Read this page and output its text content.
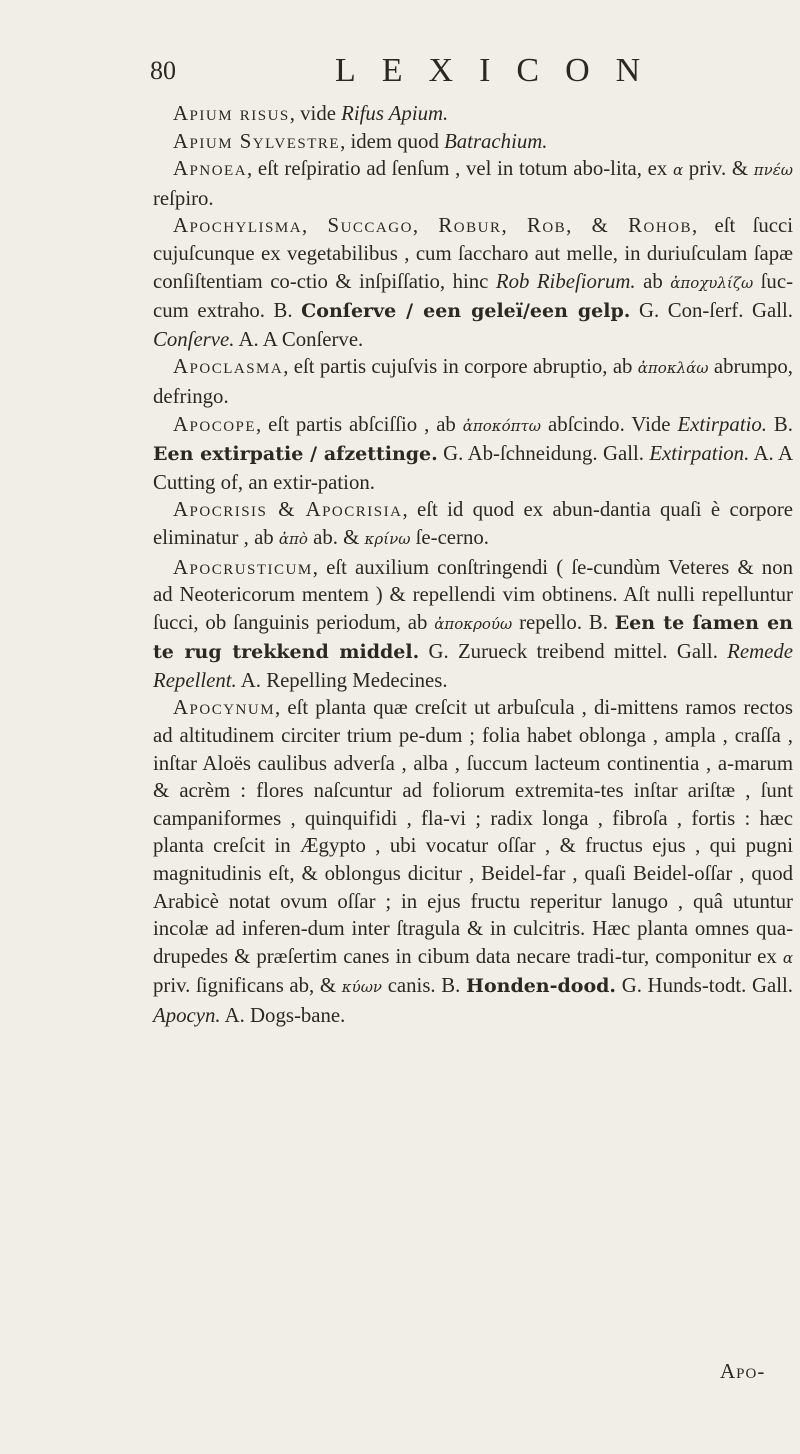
80	LEXICON

Apium risus, vide Rifus Apium.

Apium Sylvestre, idem quod Batrachium.

Apnoea, eſt reſpiratio ad ſenſum , vel in totum abo-lita, ex α priv. & πνέω reſpiro.

Apochylisma, Succago, Robur, Rob, & Rohob, eſt ſucci cujuſcunque ex vegetabilibus , cum ſaccharo aut melle, in duriuſculam ſapæ conſiſtentiam co-ctio & inſpiſſatio, hinc Rob Ribeſiorum. ab ἀποχυλίζω ſuc-cum extraho. B. Conſerve / een geleï/een gelp. G. Con-ſerf. Gall. Conſerve. A. A Conſerve.

Apoclasma, eſt partis cujuſvis in corpore abruptio, ab ἀποκλάω abrumpo, defringo.

Apocope, eſt partis abſciſſio , ab ἀποκόπτω abſcindo. Vide Extirpatio. B. Een extirpatie / afzettinge. G. Ab-ſchneidung. Gall. Extirpation. A. A Cutting of, an extir-pation.

Apocrisis & Apocrisia, eſt id quod ex abun-dantia quaſi è corpore eliminatur , ab ἀπὸ ab. & κρίνω ſe-cerno.

Apocrusticum, eſt auxilium conſtringendi ( ſe-cundùm Veteres & non ad Neotericorum mentem ) & repellendi vim obtinens. Aſt nulli repelluntur ſucci, ob ſanguinis periodum, ab ἀποκρούω repello. B. Een te ſamen en te rug trekkend middel. G. Zurueck treibend mittel. Gall. Remede Repellent. A. Repelling Medecines.

Apocynum, eſt planta quæ creſcit ut arbuſcula , di-mittens ramos rectos ad altitudinem circiter trium pe-dum ; folia habet oblonga , ampla , craſſa , inſtar Aloës caulibus adverſa , alba , ſuccum lacteum continentia , a-marum & acrèm : flores naſcuntur ad foliorum extremita-tes inſtar ariſtæ , ſunt campaniformes , quinquifidi , fla-vi ; radix longa , fibroſa , fortis : hæc planta creſcit in Ægypto , ubi vocatur oſſar , & fructus ejus , qui pugni magnitudinis eſt, & oblongus dicitur , Beidel-far , quaſi Beidel-oſſar , quod Arabicè notat ovum oſſar ; in ejus fructu reperitur lanugo , quâ utuntur incolæ ad inferen-dum inter ſtragula & in culcitris. Hæc planta omnes qua-drupedes & præſertim canes in cibum data necare tradi-tur, componitur ex α priv. ſignificans ab, & κύων canis. B. Honden-dood. G. Hunds-todt. Gall. Apocyn. A. Dogs-bane.

Apo-
